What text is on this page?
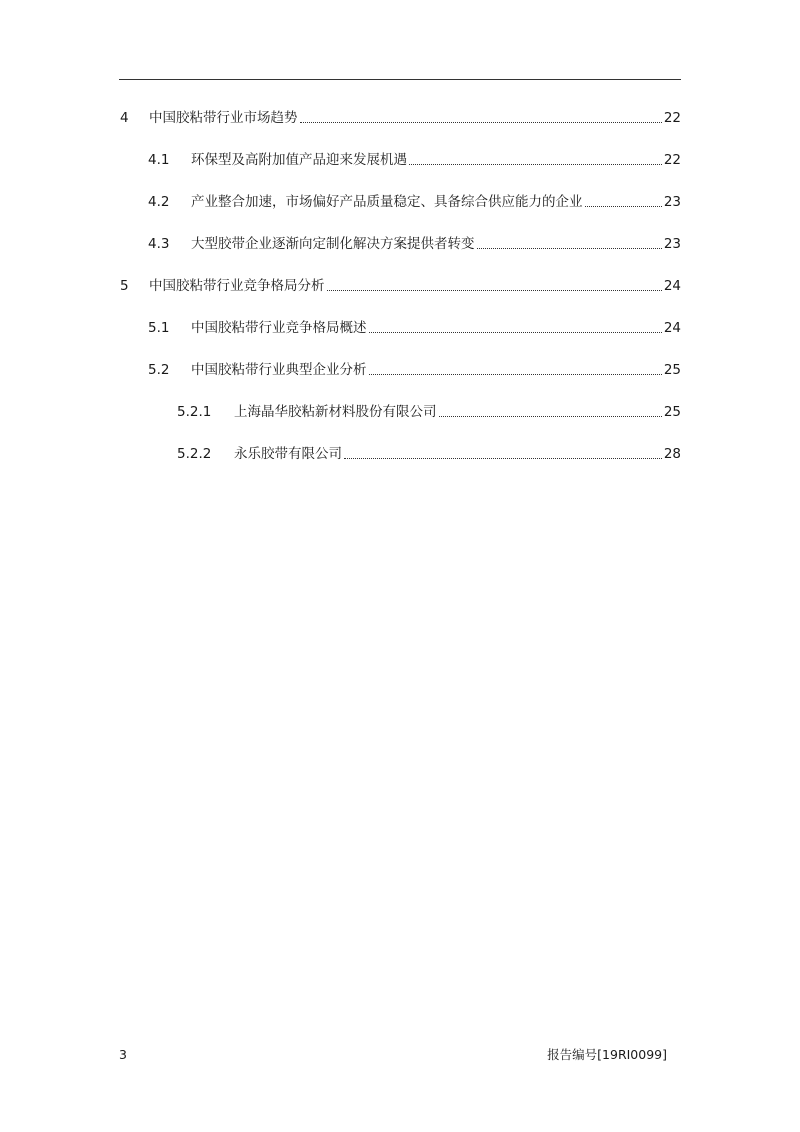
4	中国胶粘带行业市场趋势	22
4.1	环保型及高附加值产品迎来发展机遇	22
4.2	产业整合加速，市场偏好产品质量稳定、具备综合供应能力的企业	23
4.3	大型胶带企业逐渐向定制化解决方案提供者转变	23
5	中国胶粘带行业竞争格局分析	24
5.1	中国胶粘带行业竞争格局概述	24
5.2	中国胶粘带行业典型企业分析	25
5.2.1	上海晶华胶粘新材料股份有限公司	25
5.2.2	永乐胶带有限公司	28
3	报告编号[19RI0099]
